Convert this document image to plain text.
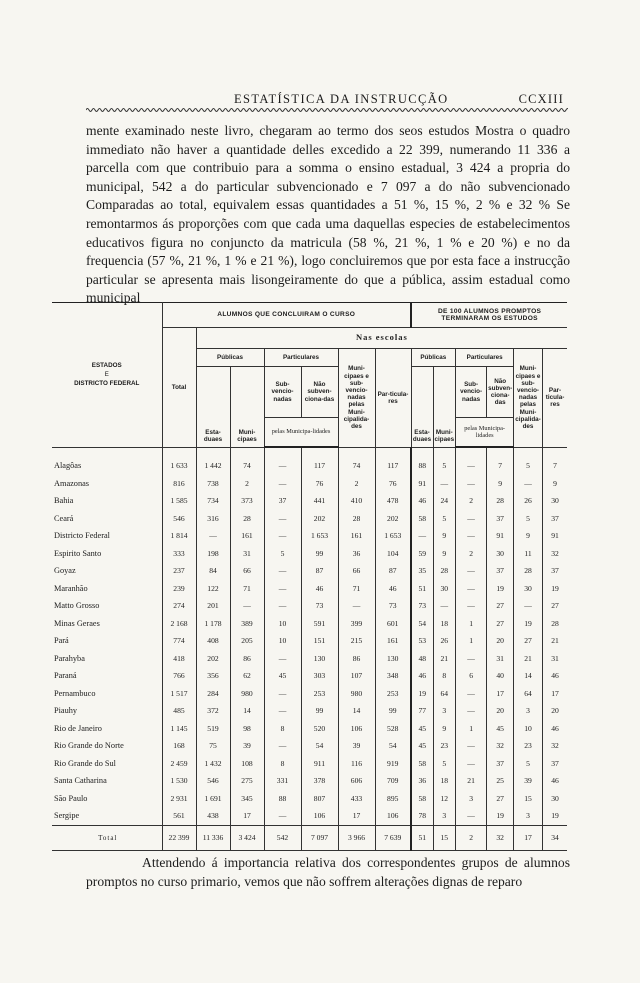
ESTATÍSTICA DA INSTRUCÇÃO	CCXIII

mente examinado neste livro, chegaram ao termo dos seos estudos Mostra o quadro immediato não haver a quantidade delles excedido a 22 399, numerando 11 336 a parcella com que contribuio para a somma o ensino estadual, 3 424 a propria do municipal, 542 a do particular subvencionado e 7 097 a do não subvencionado Comparadas ao total, equivalem essas quantidades a 51 %, 15 %, 2 % e 32 % Se remontarmos ás proporções com que cada uma daquellas especies de estabelecimentos educativos figura no conjuncto da matricula (58 %, 21 %, 1 % e 20 %) e no da frequencia (57 %, 21 %, 1 % e 21 %), logo concluiremos que por esta face a instrucção particular se apresenta mais lisongeiramente do que a pública, assim estadual como municipal

ESTADOS
E
DISTRICTO FEDERAL	ALUMNOS QUE CONCLUIRAM O CURSO							DE 100 ALUMNOS PROMPTOS TERMINARAM OS ESTUDOS					
	Total	Nas escolas											
		Públicas		Particulares		Muni-cipaes e sub-vencio-nadas pelas Muni-cipalida-des	Par-ticula-res	Públicas		Particulares		Muni-cipaes e sub-vencio-nadas pelas Muni-cipalida-des	Par-ticula-res
		Esta-duaes	Muni-cipaes	Sub-vencio-nadas	Não subven-ciona-das			Esta-duaes	Muni-cipaes	Sub-vencio-nadas	Não subven-ciona-das		
				pelas Municipa-lidades						pelas Municipa-lidades			
Alagôas	1 633	1 442	74	—	117	74	117	88	5	—	7	5	7
Amazonas	816	738	2	—	76	2	76	91	—	—	9	—	9
Bahia	1 585	734	373	37	441	410	478	46	24	2	28	26	30
Ceará	546	316	28	—	202	28	202	58	5	—	37	5	37
Districto Federal	1 814	—	161	—	1 653	161	1 653	—	9	—	91	9	91
Espirito Santo	333	198	31	5	99	36	104	59	9	2	30	11	32
Goyaz	237	84	66	—	87	66	87	35	28	—	37	28	37
Maranhão	239	122	71	—	46	71	46	51	30	—	19	30	19
Matto Grosso	274	201	—	—	73	—	73	73	—	—	27	—	27
Minas Geraes	2 168	1 178	389	10	591	399	601	54	18	1	27	19	28
Pará	774	408	205	10	151	215	161	53	26	1	20	27	21
Parahyba	418	202	86	—	130	86	130	48	21	—	31	21	31
Paraná	766	356	62	45	303	107	348	46	8	6	40	14	46
Pernambuco	1 517	284	980	—	253	980	253	19	64	—	17	64	17
Piauhy	485	372	14	—	99	14	99	77	3	—	20	3	20
Rio de Janeiro	1 145	519	98	8	520	106	528	45	9	1	45	10	46
Rio Grande do Norte	168	75	39	—	54	39	54	45	23	—	32	23	32
Rio Grande do Sul	2 459	1 432	108	8	911	116	919	58	5	—	37	5	37
Santa Catharina	1 530	546	275	331	378	606	709	36	18	21	25	39	46
São Paulo	2 931	1 691	345	88	807	433	895	58	12	3	27	15	30
Sergipe	561	438	17	—	106	17	106	78	3	—	19	3	19
Total	22 399	11 336	3 424	542	7 097	3 966	7 639	51	15	2	32	17	34

Attendendo á importancia relativa dos correspondentes grupos de alumnos promptos no curso primario, vemos que não soffrem alterações dignas de reparo
